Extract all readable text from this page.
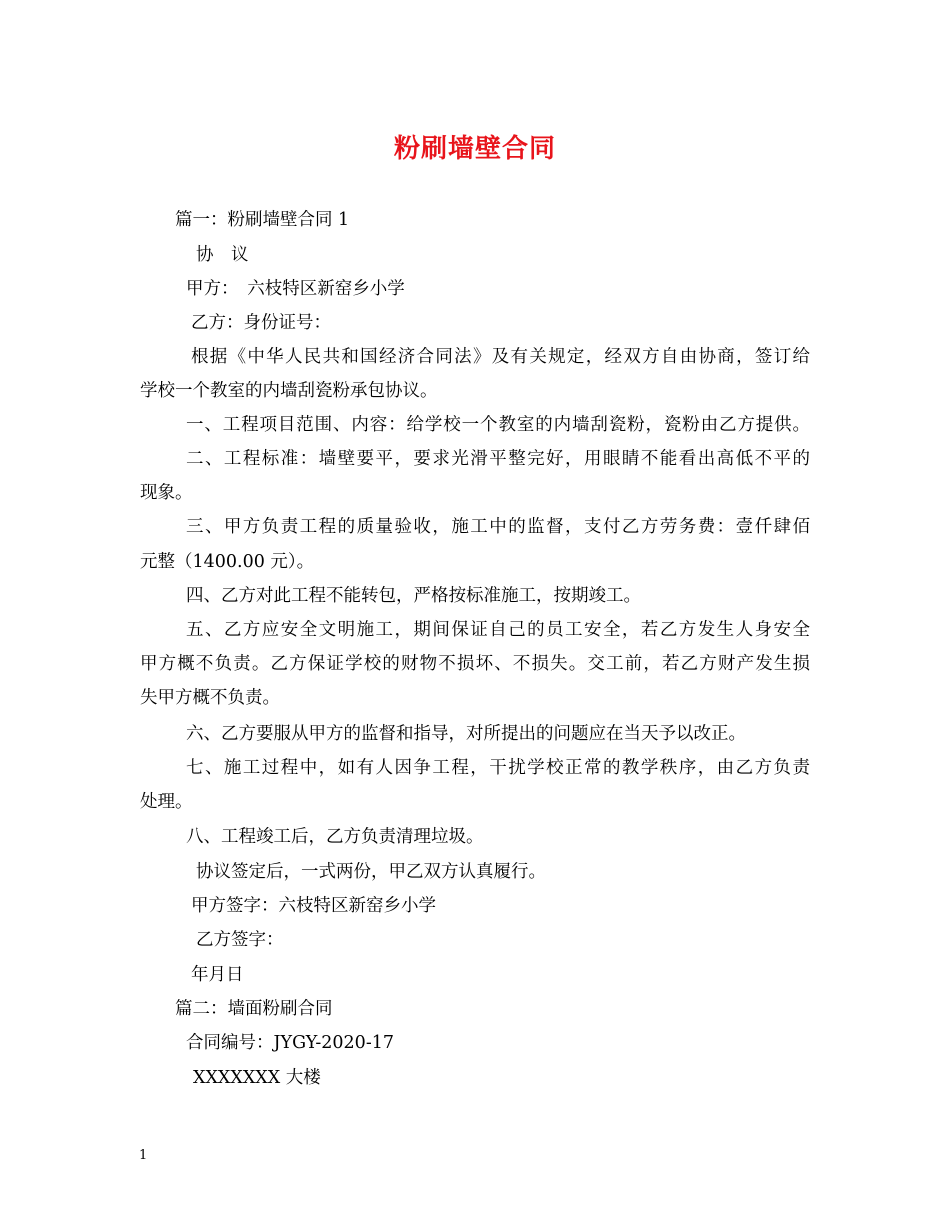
粉刷墙壁合同
篇一：粉刷墙壁合同 1
协　议
甲方：　六枝特区新窑乡小学
乙方：身份证号：
根据《中华人民共和国经济合同法》及有关规定，经双方自由协商，签订给
学校一个教室的内墙刮瓷粉承包协议。
一、工程项目范围、内容：给学校一个教室的内墙刮瓷粉，瓷粉由乙方提供。
二、工程标准：墙壁要平，要求光滑平整完好，用眼睛不能看出高低不平的
现象。
三、甲方负责工程的质量验收，施工中的监督，支付乙方劳务费：壹仟肆佰
元整（1400.00 元）。
四、乙方对此工程不能转包，严格按标准施工，按期竣工。
五、乙方应安全文明施工，期间保证自己的员工安全，若乙方发生人身安全
甲方概不负责。乙方保证学校的财物不损坏、不损失。交工前，若乙方财产发生损
失甲方概不负责。
六、乙方要服从甲方的监督和指导，对所提出的问题应在当天予以改正。
七、施工过程中，如有人因争工程，干扰学校正常的教学秩序，由乙方负责
处理。
八、工程竣工后，乙方负责清理垃圾。
协议签定后，一式两份，甲乙双方认真履行。
甲方签字：六枝特区新窑乡小学
乙方签字：
年月日
篇二：墙面粉刷合同
合同编号：JYGY-2020-17
XXXXXXX 大楼
1
